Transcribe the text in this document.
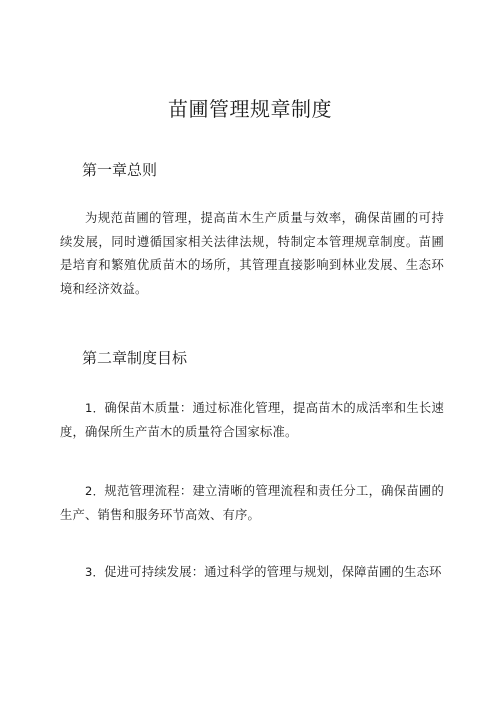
苗圃管理规章制度
第一章总则

为规范苗圃的管理，提高苗木生产质量与效率，确保苗圃的可持续发展，同时遵循国家相关法律法规，特制定本管理规章制度。苗圃是培育和繁殖优质苗木的场所，其管理直接影响到林业发展、生态环境和经济效益。

第二章制度目标

1．确保苗木质量：通过标准化管理，提高苗木的成活率和生长速度，确保所生产苗木的质量符合国家标准。

2．规范管理流程：建立清晰的管理流程和责任分工，确保苗圃的生产、销售和服务环节高效、有序。

3．促进可持续发展：通过科学的管理与规划，保障苗圃的生态环
